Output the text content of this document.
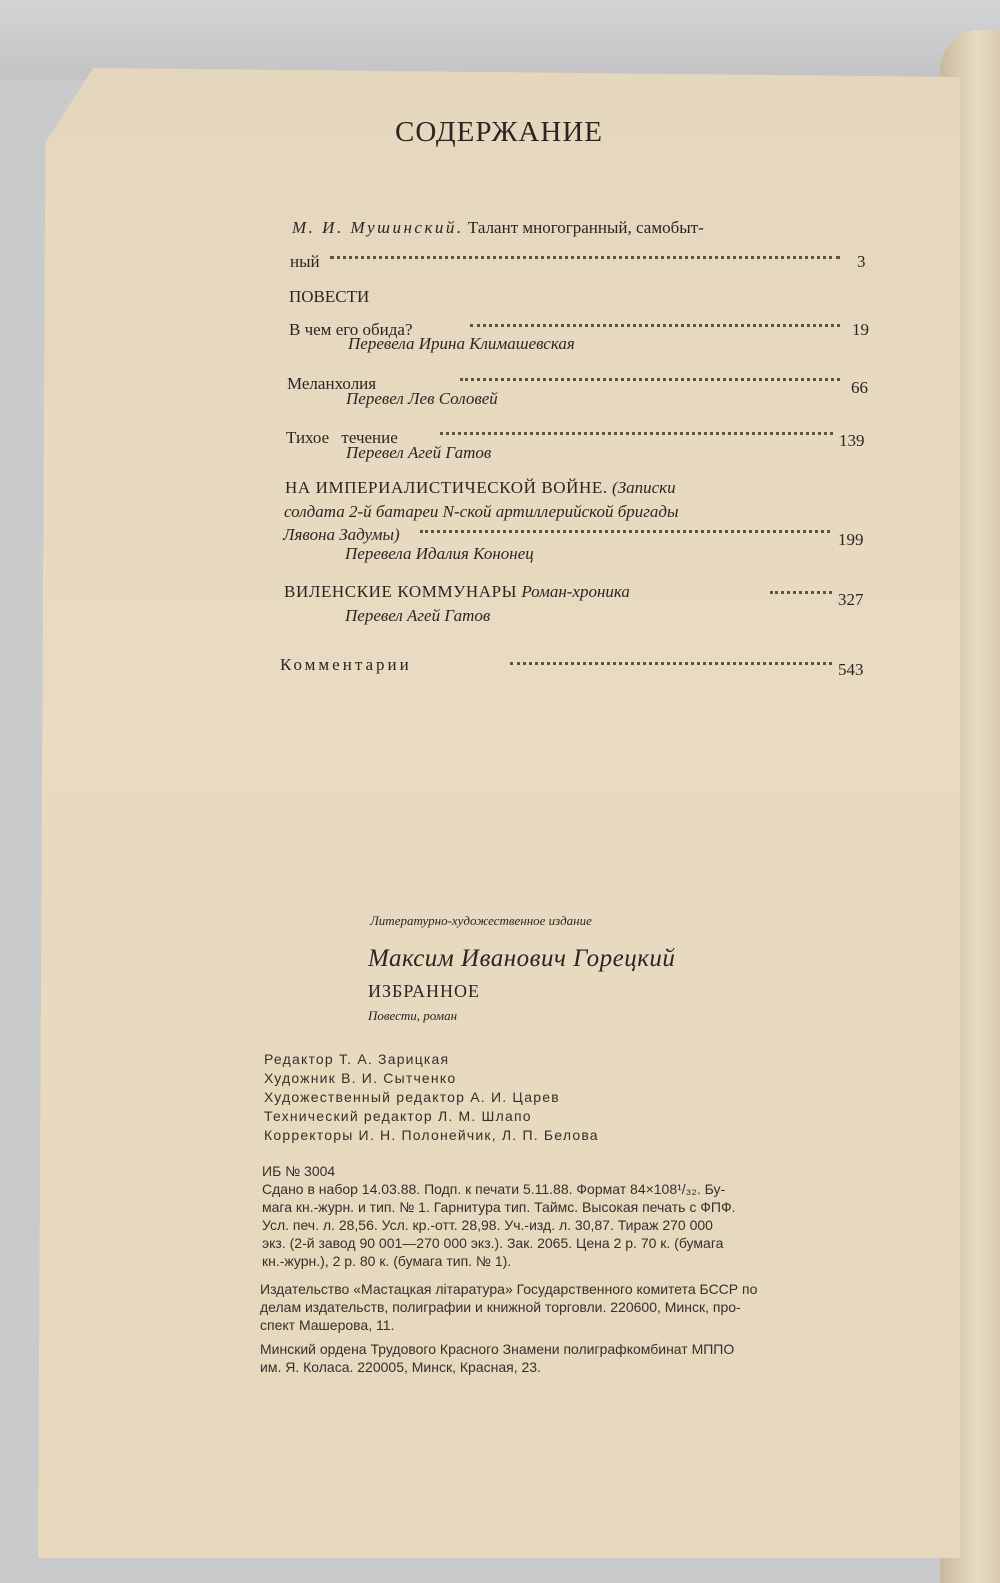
СОДЕРЖАНИЕ
М. И. Мушинский. Талант многогранный, самобыт-
ный	3
ПОВЕСТИ
В чем его обида?	19
Перевела Ирина Климашевская
Меланхолия	66
Перевел Лев Соловей
Тихое течение	139
Перевел Агей Гатов
НА ИМПЕРИАЛИСТИЧЕСКОЙ ВОЙНЕ. (Записки
солдата 2-й батареи N-ской артиллерийской бригады
Лявона Задумы)	199
Перевела Идалия Кононец
ВИЛЕНСКИЕ КОММУНАРЫ Роман-хроника	327
Перевел Агей Гатов
Комментарии	543
Литературно-художественное издание
Максим Иванович Горецкий
ИЗБРАННОЕ
Повести, роман
Редактор Т. А. Зарицкая
Художник В. И. Сытченко
Художественный редактор А. И. Царев
Технический редактор Л. М. Шлапо
Корректоры И. Н. Полонейчик, Л. П. Белова
ИБ № 3004
Сдано в набор 14.03.88. Подп. к печати 5.11.88. Формат 84×108¹/₃₂. Бу-
мага кн.-журн. и тип. № 1. Гарнитура тип. Таймс. Высокая печать с ФПФ.
Усл. печ. л. 28,56. Усл. кр.-отт. 28,98. Уч.-изд. л. 30,87. Тираж 270 000
экз. (2-й завод 90 001—270 000 экз.). Зак. 2065. Цена 2 р. 70 к. (бумага
кн.-журн.), 2 р. 80 к. (бумага тип. № 1).
Издательство «Мастацкая літаратура» Государственного комитета БССР по
делам издательств, полиграфии и книжной торговли. 220600, Минск, про-
спект Машерова, 11.
Минский ордена Трудового Красного Знамени полиграфкомбинат МППО
им. Я. Коласа. 220005, Минск, Красная, 23.
